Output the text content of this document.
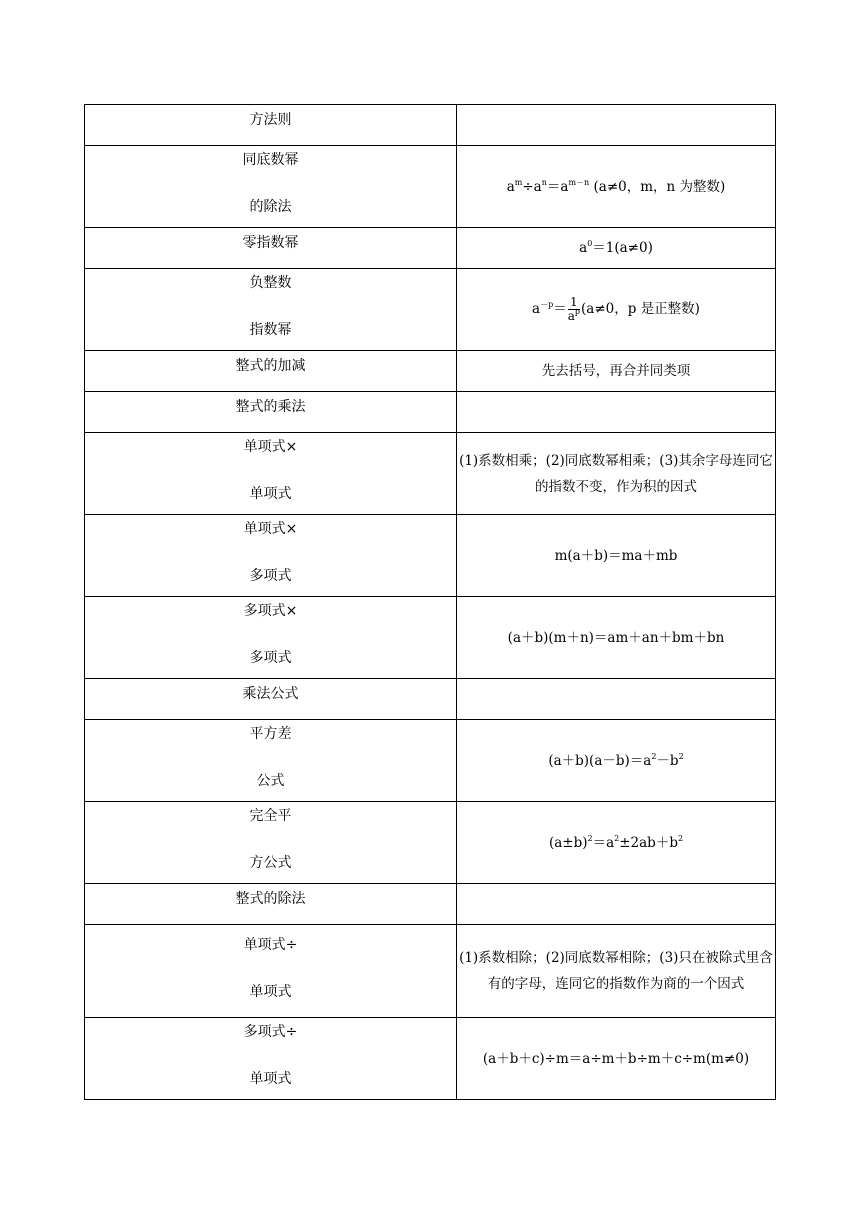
方法则	

同底数幂
的除法	$a^m\div a^n=a^{m-n}$ (a≠0，m，n 为整数)
零指数幂	$a^0=1(a\ne 0)$

负整数
指数幂	$a^{-p}= \frac{1}{a^p} (a\ne 0$，p 是正整数)
整式的加减	先去括号，再合并同类项
整式的乘法	

单项式×
单项式	(1)系数相乘；(2)同底数幂相乘；(3)其余字母连同它的指数不变，作为积的因式

单项式×
多项式	m(a＋b)＝ma＋mb

多项式×
多项式	(a＋b)(m＋n)＝am＋an＋bm＋bn
乘法公式	

平方差
公式	$(a+b)(a-b)=a^2-b^2$

完全平
方公式	$(a\pm b)^2=a^2\pm 2ab+b^2$
整式的除法	

单项式÷
单项式	(1)系数相除；(2)同底数幂相除；(3)只在被除式里含有的字母，连同它的指数作为商的一个因式

多项式÷
单项式	(a＋b＋c)÷m＝a÷m＋b÷m＋c÷m(m≠0)
